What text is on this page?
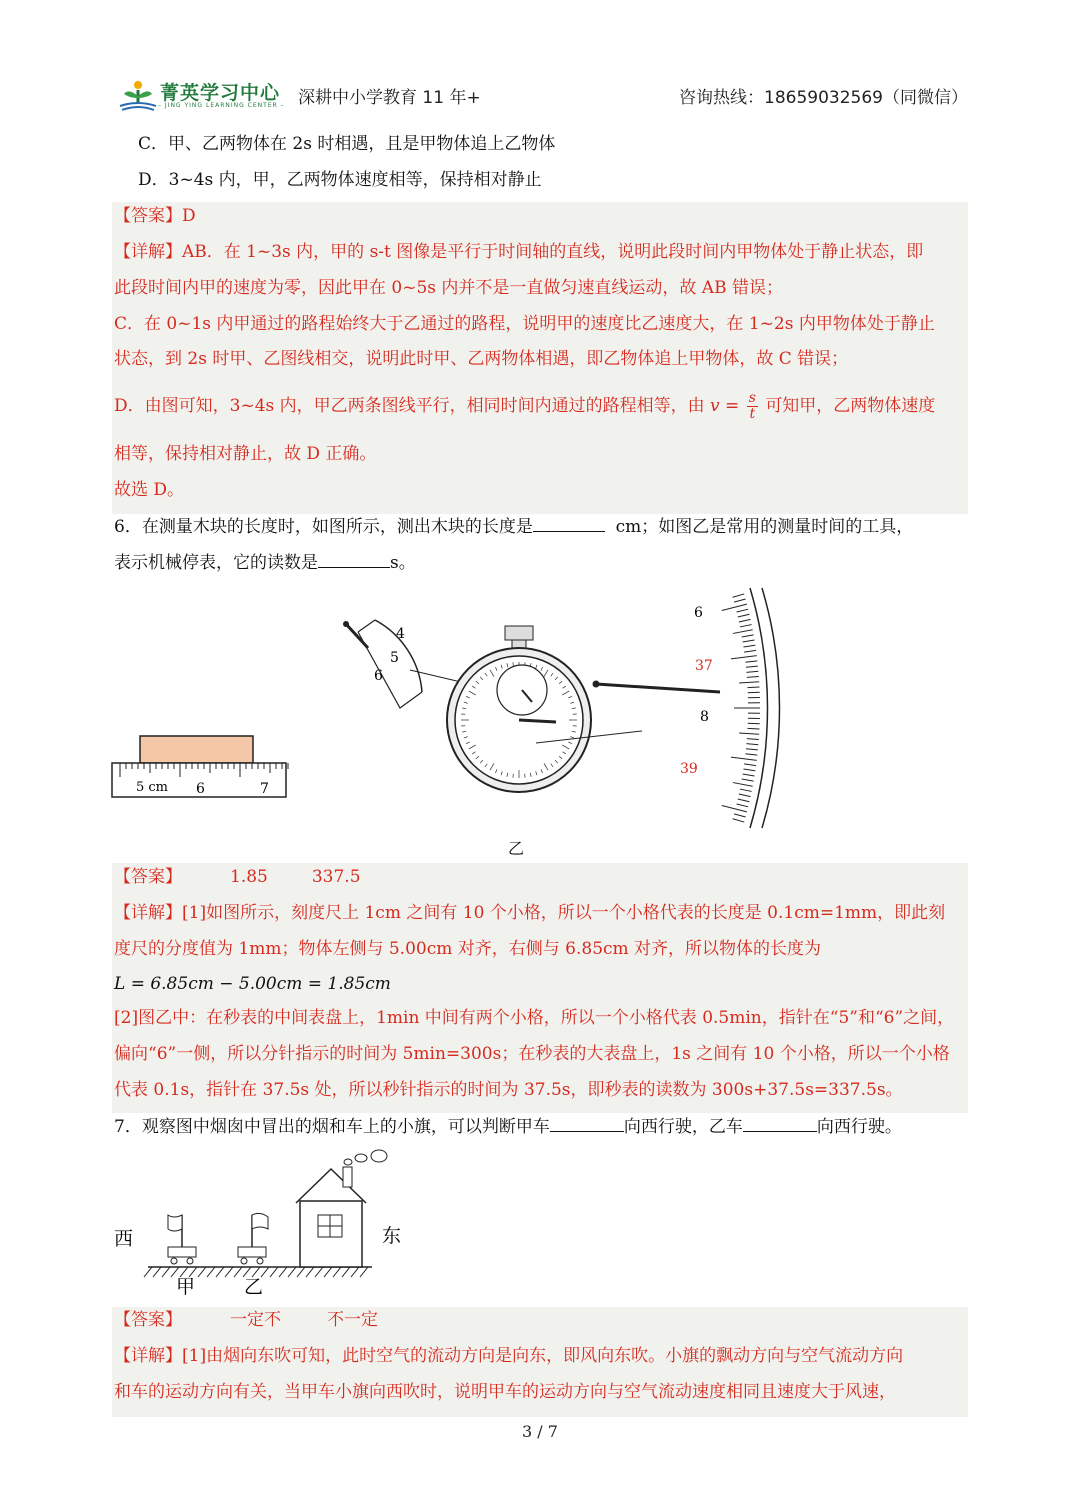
菁英学习中心
– JING YING LEARNING CENTER – 深耕中小学教育 11 年+	咨询热线：18659032569（同微信）
C．甲、乙两物体在 2s 时相遇，且是甲物体追上乙物体
D．3~4s 内，甲，乙两物体速度相等，保持相对静止
【答案】D
【详解】AB．在 1~3s 内，甲的 s-t 图像是平行于时间轴的直线，说明此段时间内甲物体处于静止状态，即
此段时间内甲的速度为零，因此甲在 0~5s 内并不是一直做匀速直线运动，故 AB 错误；
C．在 0~1s 内甲通过的路程始终大于乙通过的路程，说明甲的速度比乙速度大，在 1~2s 内甲物体处于静止
状态，到 2s 时甲、乙图线相交，说明此时甲、乙两物体相遇，即乙物体追上甲物体，故 C 错误；
D．由图可知，3~4s 内，甲乙两条图线平行，相同时间内通过的路程相等，由 $v = \frac{s}{t}$ 可知甲，乙两物体速度
相等，保持相对静止，故 D 正确。
故选 D。
6．在测量木块的长度时，如图所示，测出木块的长度是	cm；如图乙是常用的测量时间的工具，
表示机械停表，它的读数是	s。
5 cm 6	7
4
5
6
6
37
8
39
乙
【答案】	1.85	337.5
【详解】[1]如图所示，刻度尺上 1cm 之间有 10 个小格，所以一个小格代表的长度是 0.1cm=1mm，即此刻
度尺的分度值为 1mm；物体左侧与 5.00cm 对齐，右侧与 6.85cm 对齐，所以物体的长度为
L = 6.85cm − 5.00cm = 1.85cm
[2]图乙中：在秒表的中间表盘上，1min 中间有两个小格，所以一个小格代表 0.5min，指针在“5”和“6”之间，
偏向“6”一侧，所以分针指示的时间为 5min=300s；在秒表的大表盘上，1s 之间有 10 个小格，所以一个小格
代表 0.1s，指针在 37.5s 处，所以秒针指示的时间为 37.5s，即秒表的读数为 300s+37.5s=337.5s。
7．观察图中烟囱中冒出的烟和车上的小旗，可以判断甲车	向西行驶，乙车	向西行驶。
西	东
甲	乙
【答案】	一定不	不一定
【详解】[1]由烟向东吹可知，此时空气的流动方向是向东，即风向东吹。小旗的飘动方向与空气流动方向
和车的运动方向有关，当甲车小旗向西吹时，说明甲车的运动方向与空气流动速度相同且速度大于风速，
3 / 7
